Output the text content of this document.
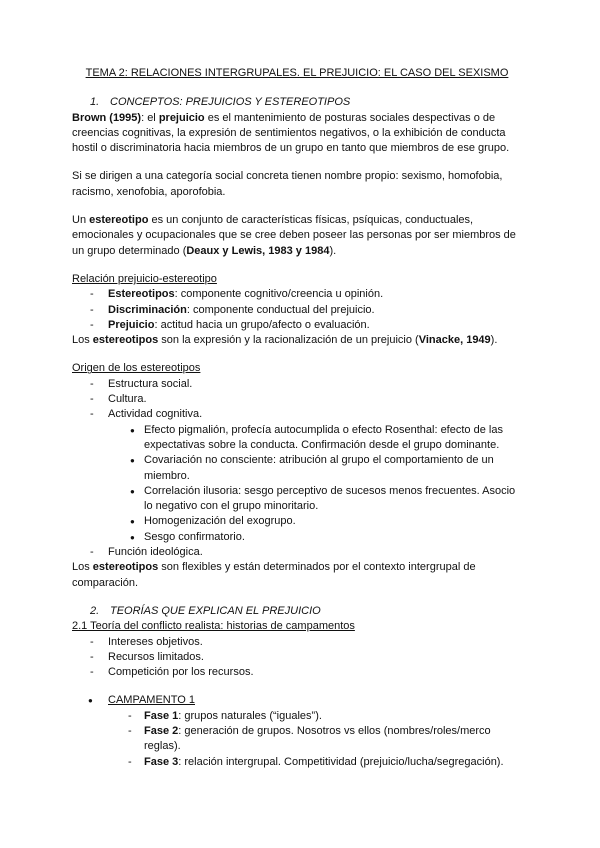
TEMA 2: RELACIONES INTERGRUPALES. EL PREJUICIO: EL CASO DEL SEXISMO
1. CONCEPTOS: PREJUICIOS Y ESTEREOTIPOS

Brown (1995): el prejuicio es el mantenimiento de posturas sociales despectivas o de creencias cognitivas, la expresión de sentimientos negativos, o la exhibición de conducta hostil o discriminatoria hacia miembros de un grupo en tanto que miembros de ese grupo.

Si se dirigen a una categoría social concreta tienen nombre propio: sexismo, homofobia, racismo, xenofobia, aporofobia.

Un estereotipo es un conjunto de características físicas, psíquicas, conductuales, emocionales y ocupacionales que se cree deben poseer las personas por ser miembros de un grupo determinado (Deaux y Lewis, 1983 y 1984).

Relación prejuicio-estereotipo

- Estereotipos: componente cognitivo/creencia u opinión.
- Discriminación: componente conductual del prejuicio.
- Prejuicio: actitud hacia un grupo/afecto o evaluación.

Los estereotipos son la expresión y la racionalización de un prejuicio (Vinacke, 1949).

Origen de los estereotipos

- Estructura social.
- Cultura.
- Actividad cognitiva.
● Efecto pigmalión, profecía autocumplida o efecto Rosenthal: efecto de las expectativas sobre la conducta. Confirmación desde el grupo dominante.
● Covariación no consciente: atribución al grupo el comportamiento de un miembro.
● Correlación ilusoria: sesgo perceptivo de sucesos menos frecuentes. Asocio lo negativo con el grupo minoritario.
● Homogenización del exogrupo.
● Sesgo confirmatorio.
- Función ideológica.

Los estereotipos son flexibles y están determinados por el contexto intergrupal de comparación.

2. TEORÍAS QUE EXPLICAN EL PREJUICIO

2.1 Teoría del conflicto realista: historias de campamentos

- Intereses objetivos.
- Recursos limitados.
- Competición por los recursos.
● CAMPAMENTO 1
- Fase 1: grupos naturales (“iguales”).
- Fase 2: generación de grupos. Nosotros vs ellos (nombres/roles/merco reglas).
- Fase 3: relación intergrupal. Competitividad (prejuicio/lucha/segregación).
